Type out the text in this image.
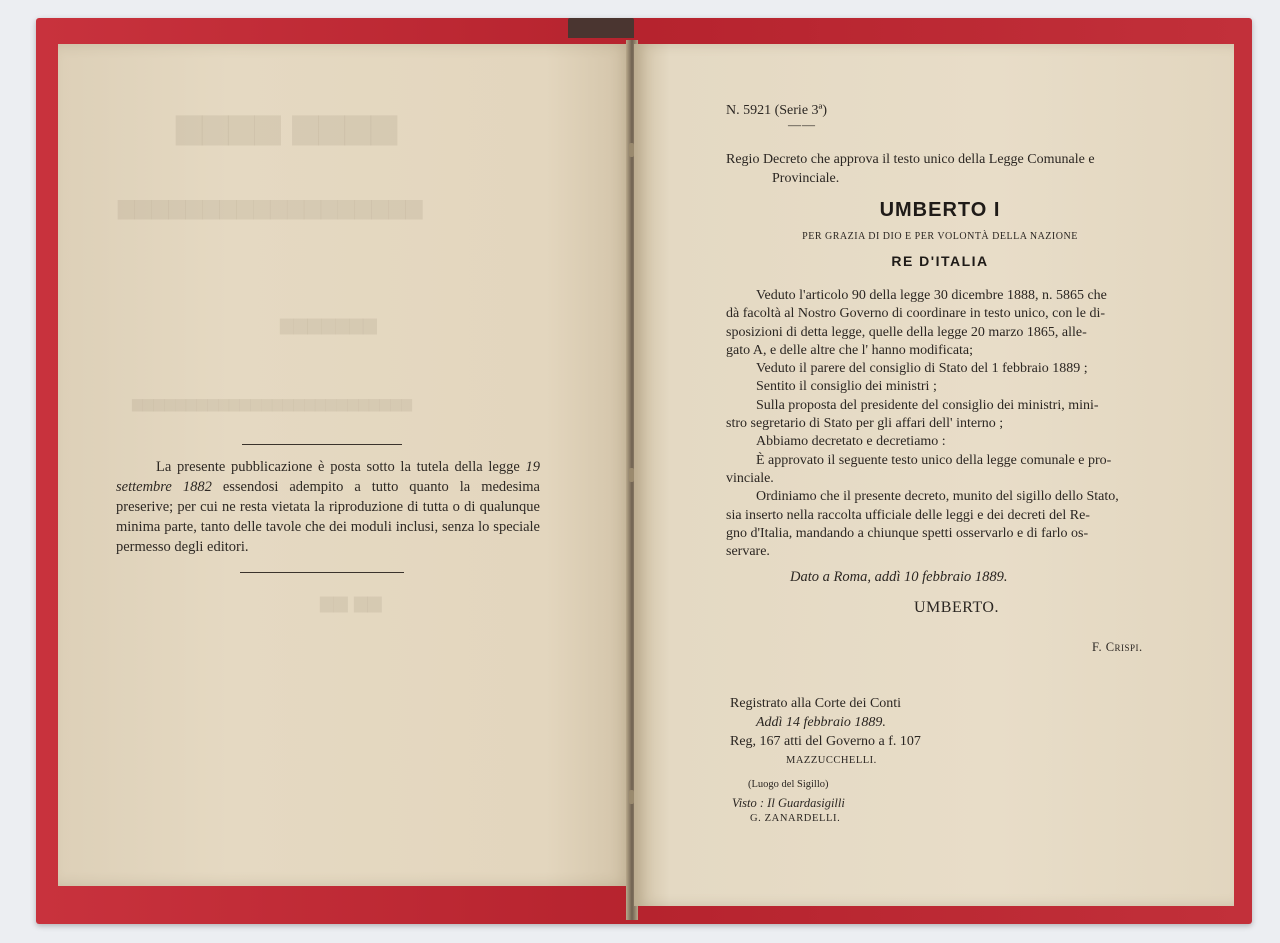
▆▆▆▆ ▆▆▆▆
▆▆▆▆▆▆▆▆▆▆▆▆▆▆▆▆▆▆
▆▆▆▆▆▆▆
▆▆▆▆▆▆▆▆▆▆▆▆▆▆▆▆▆▆▆▆▆▆▆▆▆▆
▆▆ ▆▆

La presente pubblicazione è posta sotto la tutela della legge 19 settembre 1882 essendosi adempito a tutto quanto la medesima preserive; per cui ne resta vietata la riproduzione di tutta o di qualunque minima parte, tanto delle tavole che dei moduli inclusi, senza lo speciale permesso degli editori.

N. 5921 (Serie 3ª)
——
Regio Decreto che approva il testo unico della Legge Comunale e
Provinciale.
UMBERTO I
PER GRAZIA DI DIO E PER VOLONTÀ DELLA NAZIONE
RE D'ITALIA
Veduto l'articolo 90 della legge 30 dicembre 1888, n. 5865 che
dà facoltà al Nostro Governo di coordinare in testo unico, con le di-
sposizioni di detta legge, quelle della legge 20 marzo 1865, alle-
gato A, e delle altre che l' hanno modificata;
Veduto il parere del consiglio di Stato del 1 febbraio 1889 ;
Sentito il consiglio dei ministri ;
Sulla proposta del presidente del consiglio dei ministri, mini-
stro segretario di Stato per gli affari dell' interno ;
Abbiamo decretato e decretiamo :
È approvato il seguente testo unico della legge comunale e pro-
vinciale.
Ordiniamo che il presente decreto, munito del sigillo dello Stato,
sia inserto nella raccolta ufficiale delle leggi e dei decreti del Re-
gno d'Italia, mandando a chiunque spetti osservarlo e di farlo os-
servare.
Dato a Roma, addì 10 febbraio 1889.
UMBERTO.
F. Crispi.
Registrato alla Corte dei Conti
Addì 14 febbraio 1889.
Reg, 167 atti del Governo a f. 107
MAZZUCCHELLI.
(Luogo del Sigillo)
Visto : Il Guardasigilli
G. ZANARDELLI.
